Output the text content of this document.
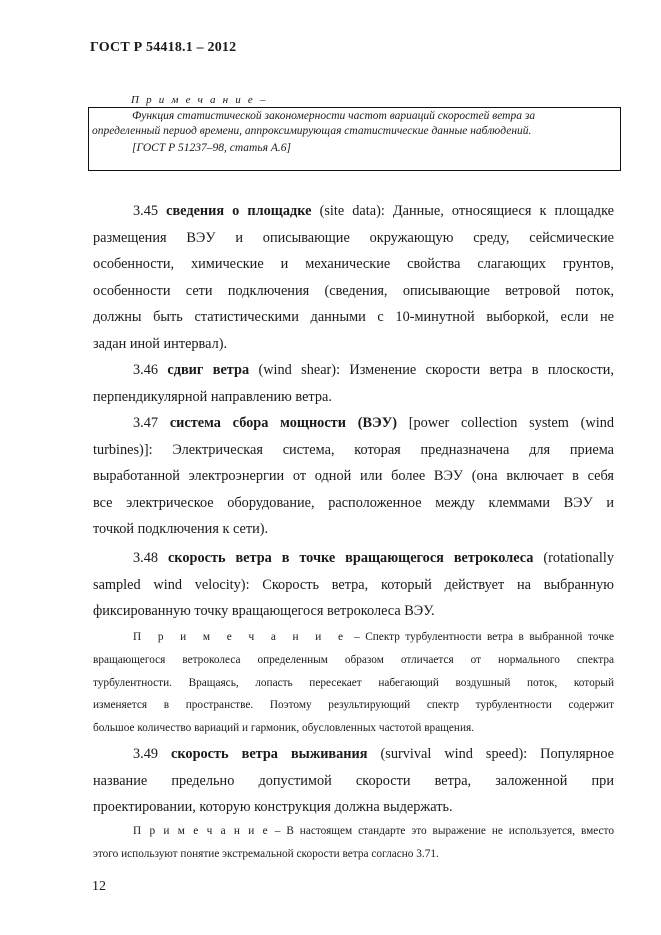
ГОСТ Р 54418.1 – 2012
П р и м е ч а н и е –
Функция статистической закономерности частот вариаций скоростей ветра за
определенный период времени, аппроксимирующая статистические данные наблюдений.
[ГОСТ Р 51237–98, статья А.6]
3.45 сведения о площадке (site data): Данные, относящиеся к площадке
размещения ВЭУ и описывающие окружающую среду, сейсмические
особенности, химические и механические свойства слагающих грунтов,
особенности сети подключения (сведения, описывающие ветровой поток,
должны быть статистическими данными с 10-минутной выборкой, если не
задан иной интервал).
3.46 сдвиг ветра (wind shear): Изменение скорости ветра в плоскости,
перпендикулярной направлению ветра.
3.47 система сбора мощности (ВЭУ) [power collection system (wind
turbines)]: Электрическая система, которая предназначена для приема
выработанной электроэнергии от одной или более ВЭУ (она включает в себя
все электрическое оборудование, расположенное между клеммами ВЭУ и
точкой подключения к сети).
3.48 скорость ветра в точке вращающегося ветроколеса (rotationally
sampled wind velocity): Скорость ветра, который действует на выбранную
фиксированную точку вращающегося ветроколеса ВЭУ.
П р и м е ч а н и е – Спектр турбулентности ветра в выбранной точке
вращающегося ветроколеса определенным образом отличается от нормального спектра
турбулентности. Вращаясь, лопасть пересекает набегающий воздушный поток, который
изменяется в пространстве. Поэтому результирующий спектр турбулентности содержит
большое количество вариаций и гармоник, обусловленных частотой вращения.
3.49 скорость ветра выживания (survival wind speed): Популярное
название предельно допустимой скорости ветра, заложенной при
проектировании, которую конструкция должна выдержать.
П р и м е ч а н и е – В настоящем стандарте это выражение не используется, вместо
этого используют понятие экстремальной скорости ветра согласно 3.71.
12
